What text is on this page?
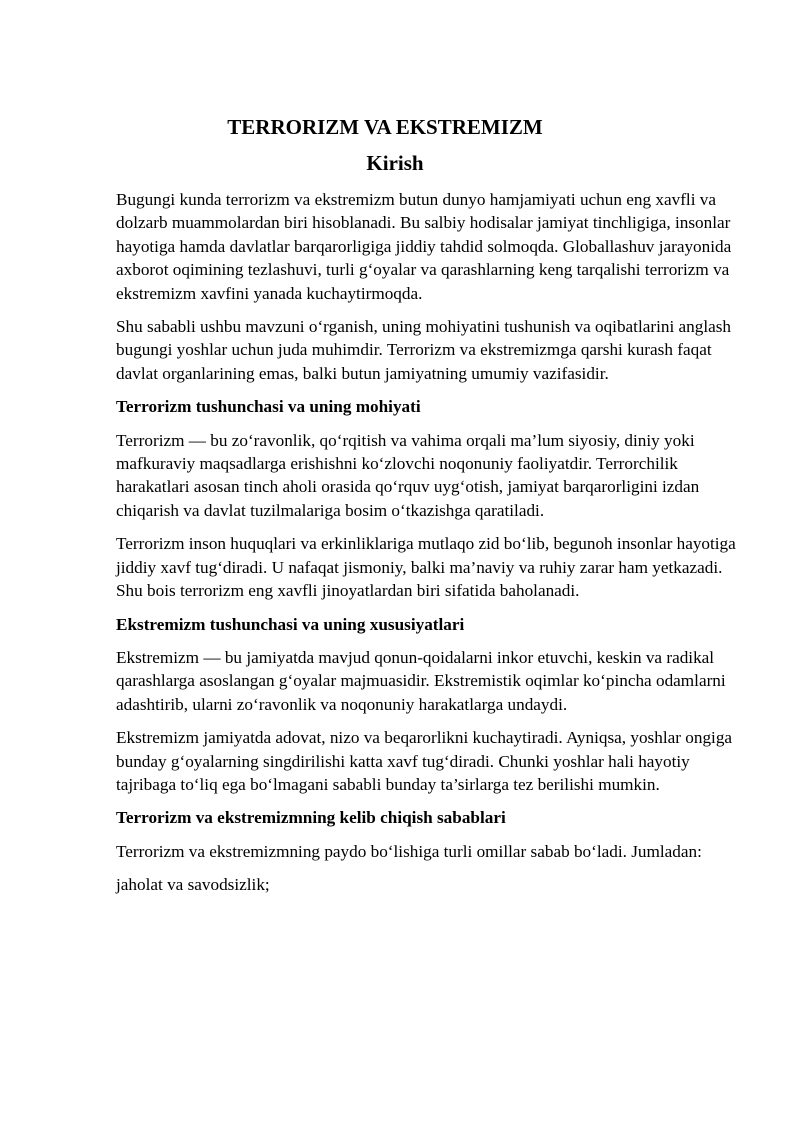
TERRORIZM VA EKSTREMIZM
Kirish

Bugungi kunda terrorizm va ekstremizm butun dunyo hamjamiyati uchun eng xavfli va dolzarb muammolardan biri hisoblanadi. Bu salbiy hodisalar jamiyat tinchligiga, insonlar hayotiga hamda davlatlar barqarorligiga jiddiy tahdid solmoqda. Globallashuv jarayonida axborot oqimining tezlashuvi, turli g‘oyalar va qarashlarning keng tarqalishi terrorizm va ekstremizm xavfini yanada kuchaytirmoqda.

Shu sababli ushbu mavzuni o‘rganish, uning mohiyatini tushunish va oqibatlarini anglash bugungi yoshlar uchun juda muhimdir. Terrorizm va ekstremizmga qarshi kurash faqat davlat organlarining emas, balki butun jamiyatning umumiy vazifasidir.

Terrorizm tushunchasi va uning mohiyati

Terrorizm — bu zo‘ravonlik, qo‘rqitish va vahima orqali ma’lum siyosiy, diniy yoki mafkuraviy maqsadlarga erishishni ko‘zlovchi noqonuniy faoliyatdir. Terrorchilik harakatlari asosan tinch aholi orasida qo‘rquv uyg‘otish, jamiyat barqarorligini izdan chiqarish va davlat tuzilmalariga bosim o‘tkazishga qaratiladi.

Terrorizm inson huquqlari va erkinliklariga mutlaqo zid bo‘lib, begunoh insonlar hayotiga jiddiy xavf tug‘diradi. U nafaqat jismoniy, balki ma’naviy va ruhiy zarar ham yetkazadi. Shu bois terrorizm eng xavfli jinoyatlardan biri sifatida baholanadi.

Ekstremizm tushunchasi va uning xususiyatlari

Ekstremizm — bu jamiyatda mavjud qonun-qoidalarni inkor etuvchi, keskin va radikal qarashlarga asoslangan g‘oyalar majmuasidir. Ekstremistik oqimlar ko‘pincha odamlarni adashtirib, ularni zo‘ravonlik va noqonuniy harakatlarga undaydi.

Ekstremizm jamiyatda adovat, nizo va beqarorlikni kuchaytiradi. Ayniqsa, yoshlar ongiga bunday g‘oyalarning singdirilishi katta xavf tug‘diradi. Chunki yoshlar hali hayotiy tajribaga to‘liq ega bo‘lmagani sababli bunday ta’sirlarga tez berilishi mumkin.

Terrorizm va ekstremizmning kelib chiqish sabablari

Terrorizm va ekstremizmning paydo bo‘lishiga turli omillar sabab bo‘ladi. Jumladan:

jaholat va savodsizlik;
